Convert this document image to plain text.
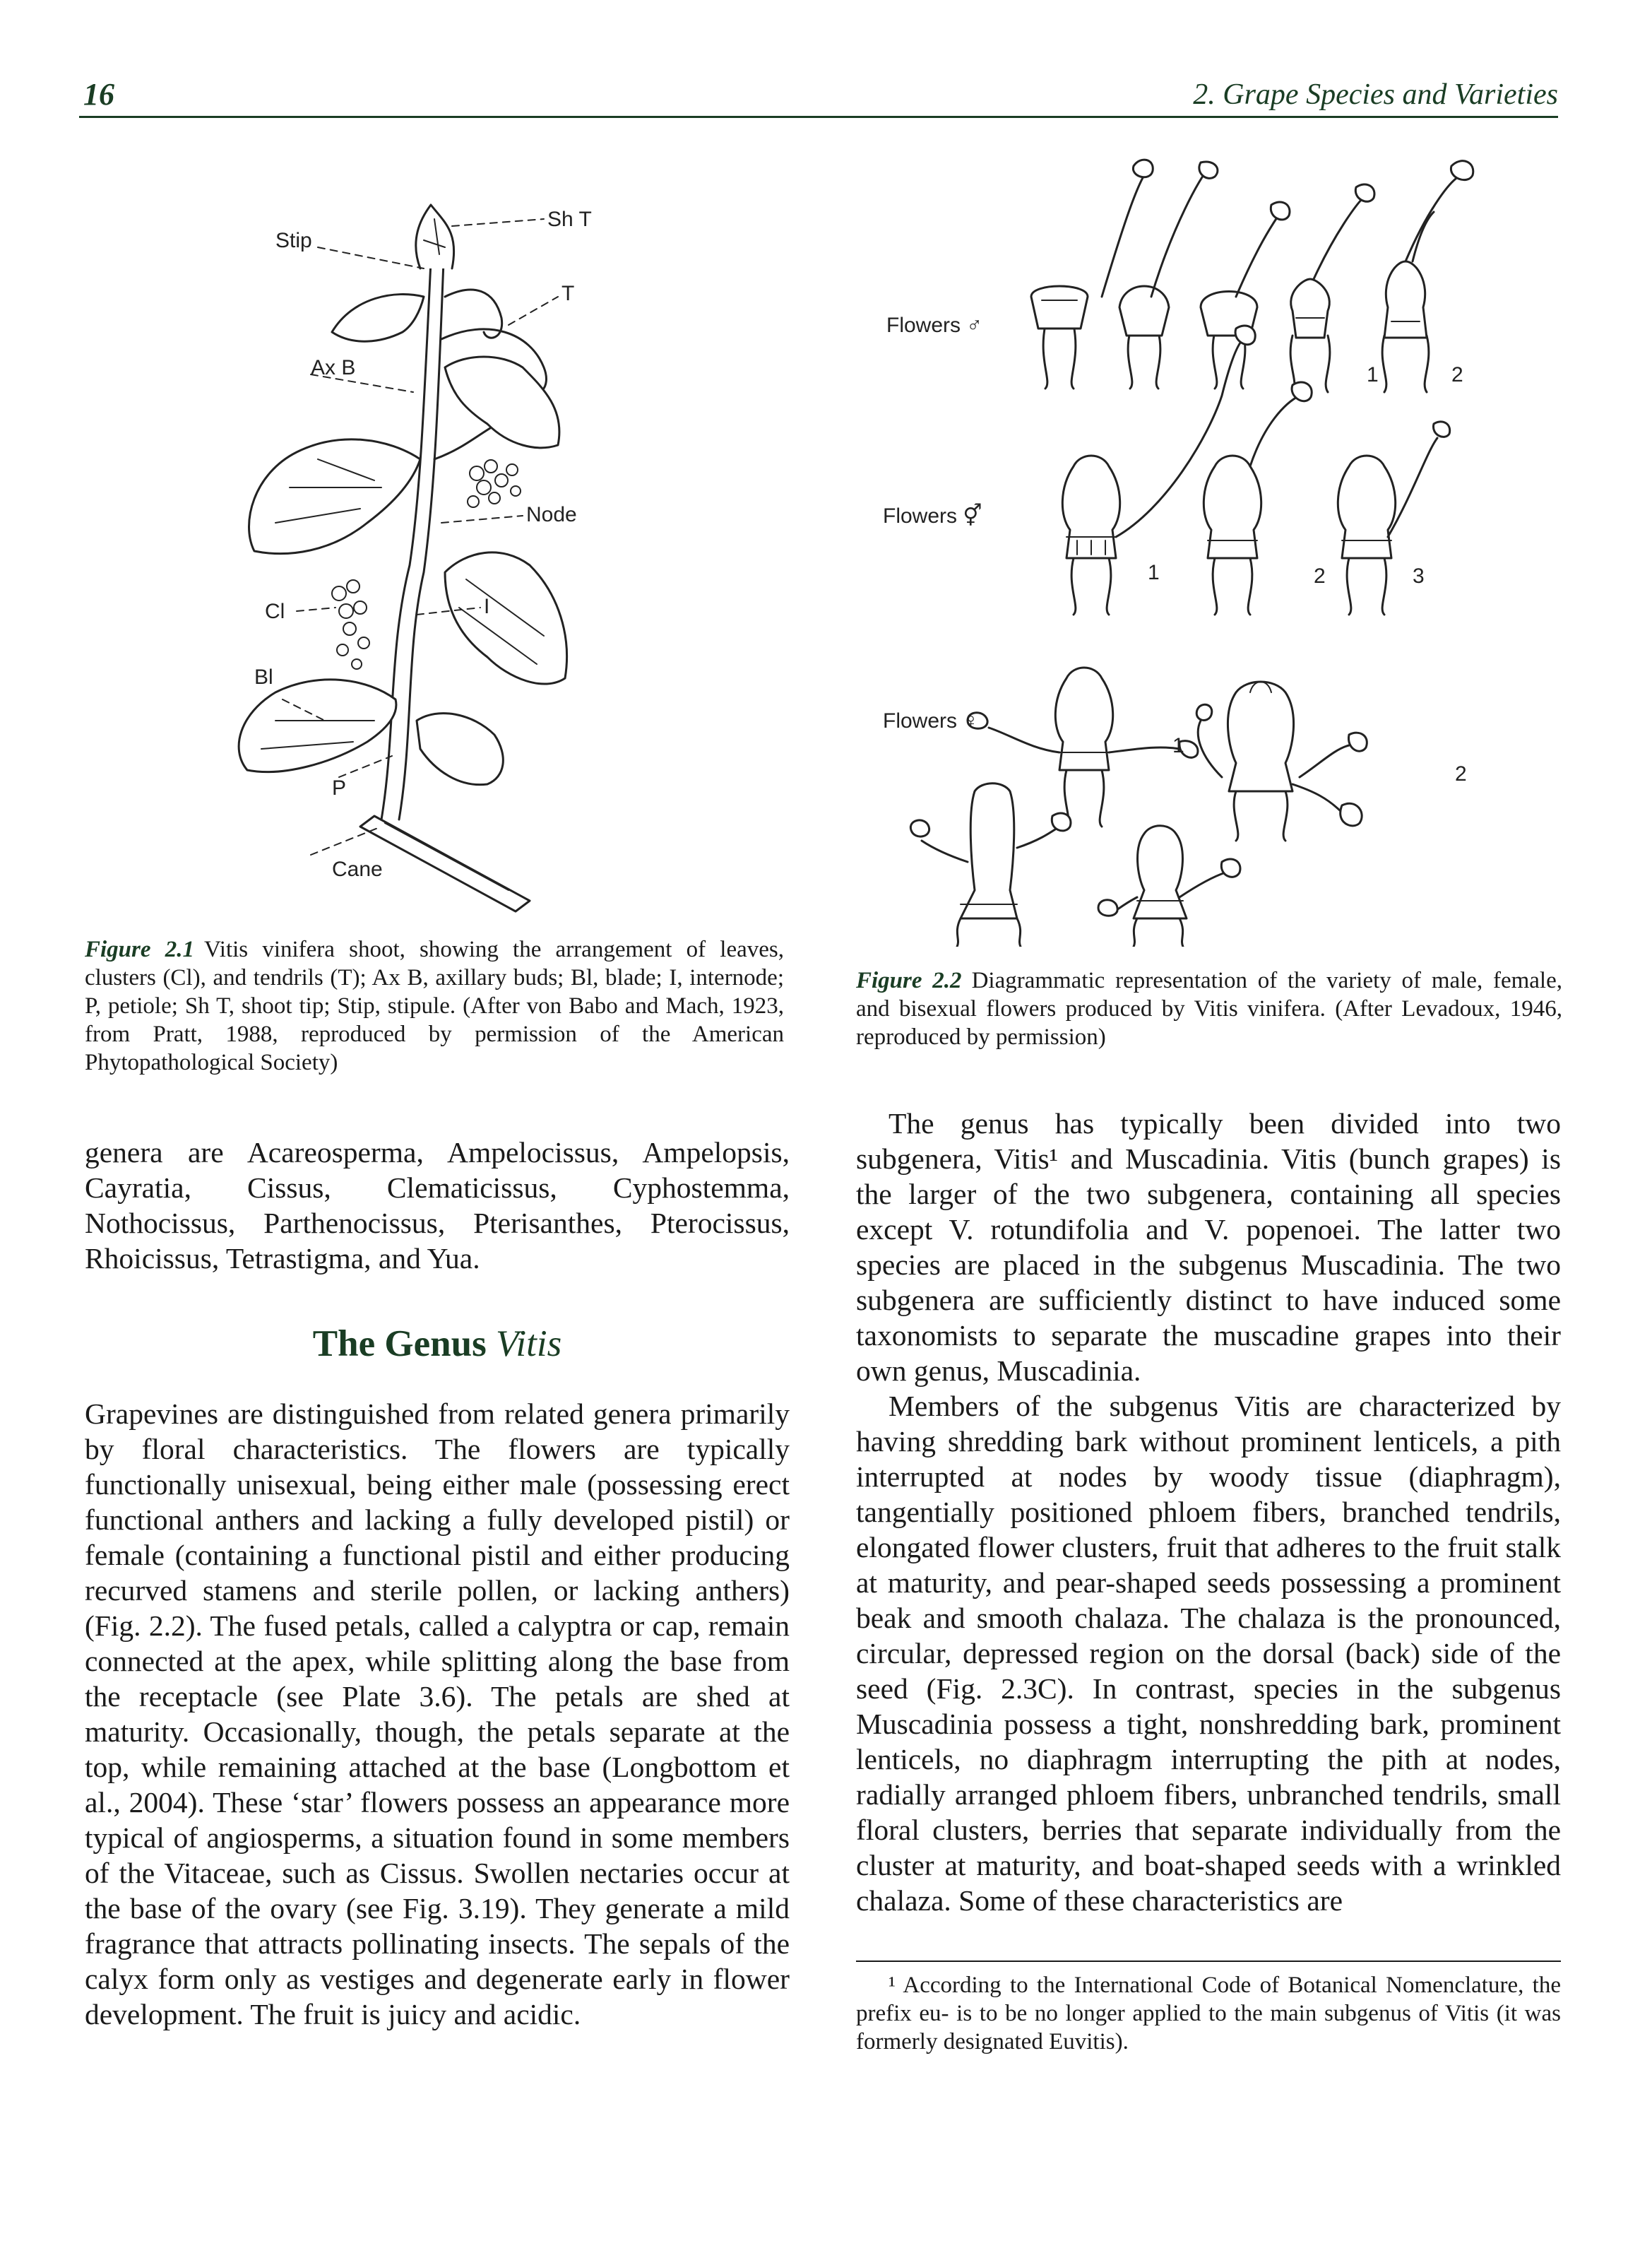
16	2. Grape Species and Varieties
Sh T
Stip
T
Ax B
Node
Cl	I
Bl
P
Cane
Figure 2.1 Vitis vinifera shoot, showing the arrangement of leaves, clusters (Cl), and tendrils (T); Ax B, axillary buds; Bl, blade; I, internode; P, petiole; Sh T, shoot tip; Stip, stipule. (After von Babo and Mach, 1923, from Pratt, 1988, reproduced by permission of the American Phytopathological Society)
Flowers ♂
1	2
Flowers ⚥
1	2	3
Flowers ♀
1
2
Figure 2.2 Diagrammatic representation of the variety of male, female, and bisexual flowers produced by Vitis vinifera. (After Levadoux, 1946, reproduced by permission)

genera are Acareosperma, Ampelocissus, Ampelopsis, Cayratia, Cissus, Clematicissus, Cyphostemma, Nothocissus, Parthenocissus, Pterisanthes, Pterocissus, Rhoicissus, Tetrastigma, and Yua.

The Genus Vitis

Grapevines are distinguished from related genera primarily by floral characteristics. The flowers are typically functionally unisexual, being either male (possessing erect functional anthers and lacking a fully developed pistil) or female (containing a functional pistil and either producing recurved stamens and sterile pollen, or lacking anthers) (Fig. 2.2). The fused petals, called a calyptra or cap, remain connected at the apex, while splitting along the base from the receptacle (see Plate 3.6). The petals are shed at maturity. Occasionally, though, the petals separate at the top, while remaining attached at the base (Longbottom et al., 2004). These ‘star’ flowers possess an appearance more typical of angiosperms, a situation found in some members of the Vitaceae, such as Cissus. Swollen nectaries occur at the base of the ovary (see Fig. 3.19). They generate a mild fragrance that attracts pollinating insects. The sepals of the calyx form only as vestiges and degenerate early in flower development. The fruit is juicy and acidic.

The genus has typically been divided into two subgenera, Vitis¹ and Muscadinia. Vitis (bunch grapes) is the larger of the two subgenera, containing all species except V. rotundifolia and V. popenoei. The latter two species are placed in the subgenus Muscadinia. The two subgenera are sufficiently distinct to have induced some taxonomists to separate the muscadine grapes into their own genus, Muscadinia.

Members of the subgenus Vitis are characterized by having shredding bark without prominent lenticels, a pith interrupted at nodes by woody tissue (diaphragm), tangentially positioned phloem fibers, branched tendrils, elongated flower clusters, fruit that adheres to the fruit stalk at maturity, and pear-shaped seeds possessing a prominent beak and smooth chalaza. The chalaza is the pronounced, circular, depressed region on the dorsal (back) side of the seed (Fig. 2.3C). In contrast, species in the subgenus Muscadinia possess a tight, nonshredding bark, prominent lenticels, no diaphragm interrupting the pith at nodes, radially arranged phloem fibers, unbranched tendrils, small floral clusters, berries that separate individually from the cluster at maturity, and boat-shaped seeds with a wrinkled chalaza. Some of these characteristics are

¹ According to the International Code of Botanical Nomenclature, the prefix eu- is to be no longer applied to the main subgenus of Vitis (it was formerly designated Euvitis).
